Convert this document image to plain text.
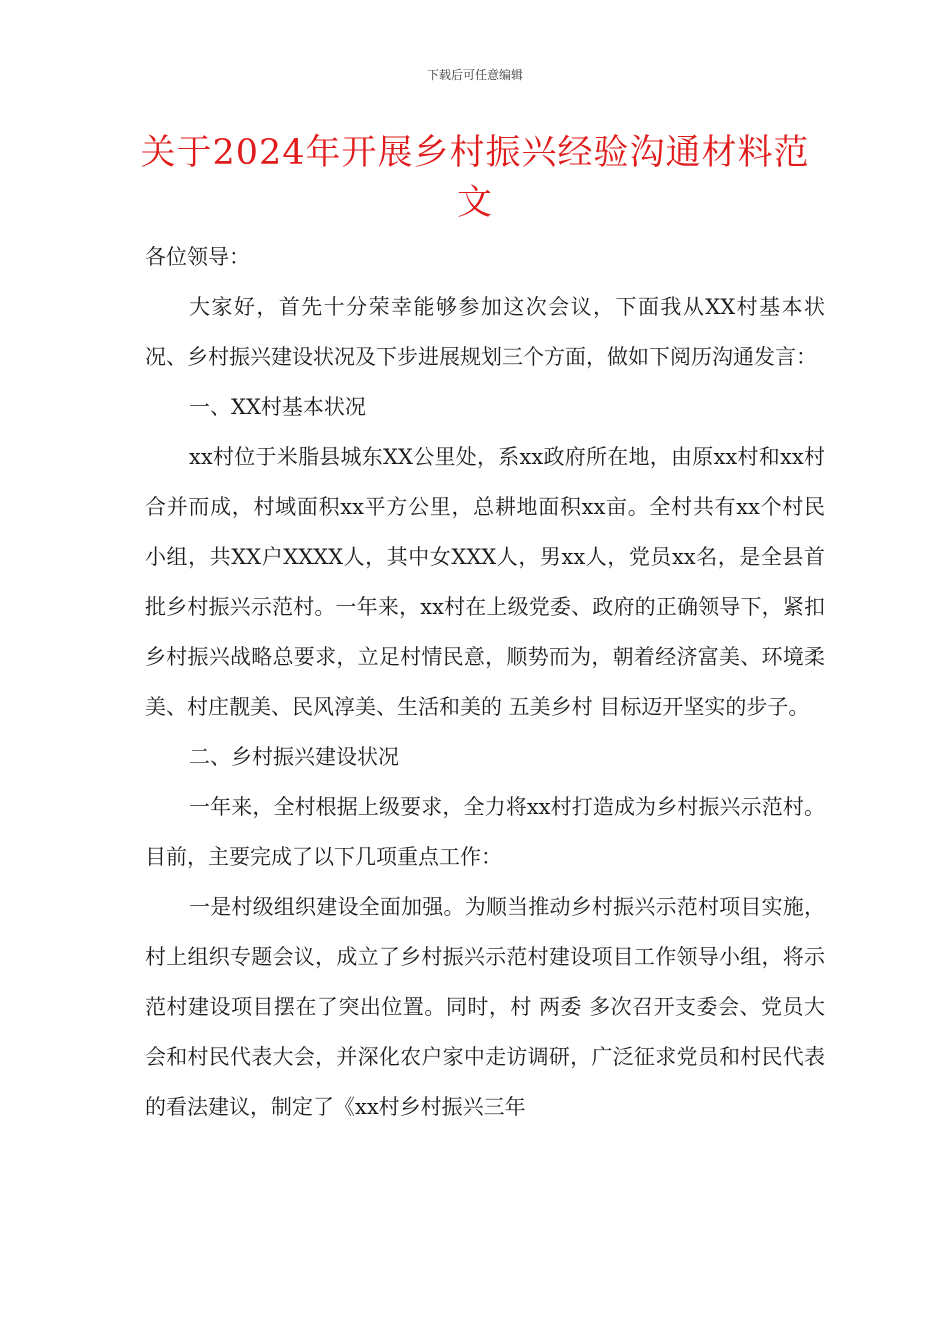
下载后可任意编辑
关于2024年开展乡村振兴经验沟通材料范文

各位领导：

大家好，首先十分荣幸能够参加这次会议，下面我从XX村基本状况、乡村振兴建设状况及下步进展规划三个方面，做如下阅历沟通发言：

一、XX村基本状况

xx村位于米脂县城东XX公里处，系xx政府所在地，由原xx村和xx村合并而成，村域面积xx平方公里，总耕地面积xx亩。全村共有xx个村民小组，共XX户XXXX人，其中女XXX人，男xx人，党员xx名，是全县首批乡村振兴示范村。一年来，xx村在上级党委、政府的正确领导下，紧扣乡村振兴战略总要求，立足村情民意，顺势而为，朝着经济富美、环境柔美、村庄靓美、民风淳美、生活和美的 五美乡村 目标迈开坚实的步子。

二、乡村振兴建设状况

一年来，全村根据上级要求，全力将xx村打造成为乡村振兴示范村。目前，主要完成了以下几项重点工作：

一是村级组织建设全面加强。为顺当推动乡村振兴示范村项目实施，村上组织专题会议，成立了乡村振兴示范村建设项目工作领导小组，将示范村建设项目摆在了突出位置。同时，村 两委 多次召开支委会、党员大会和村民代表大会，并深化农户家中走访调研，广泛征求党员和村民代表的看法建议，制定了《xx村乡村振兴三年
